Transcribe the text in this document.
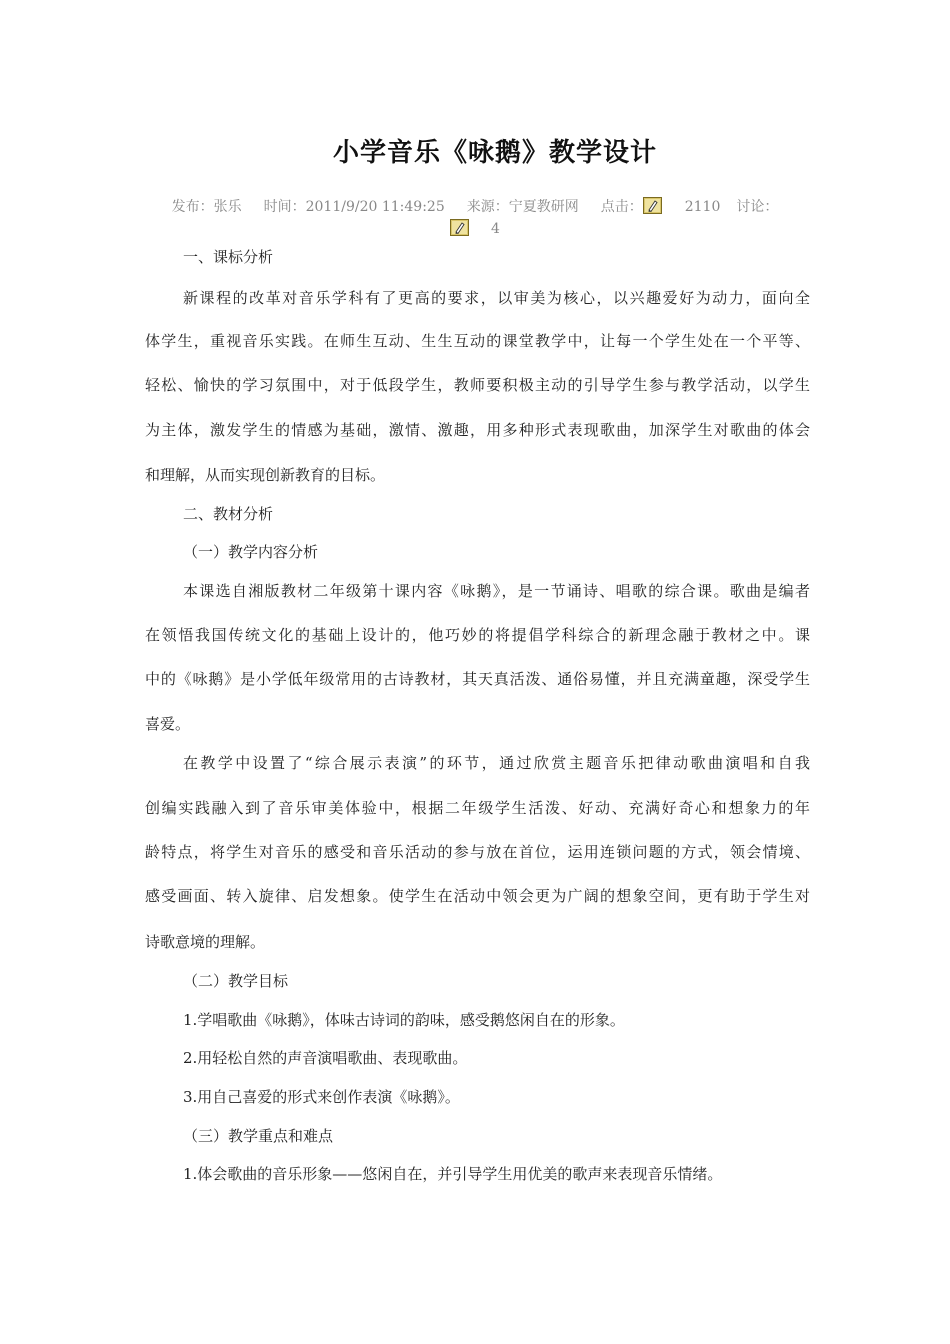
小学音乐《咏鹅》教学设计
发布：张乐 时间：2011/9/20 11:49:25 来源：宁夏教研网 点击：	2110 讨论：
4
一、课标分析
新课程的改革对音乐学科有了更高的要求，以审美为核心，以兴趣爱好为动力，面向全
体学生，重视音乐实践。在师生互动、生生互动的课堂教学中，让每一个学生处在一个平等、
轻松、愉快的学习氛围中，对于低段学生，教师要积极主动的引导学生参与教学活动，以学生
为主体，激发学生的情感为基础，激情、激趣，用多种形式表现歌曲，加深学生对歌曲的体会
和理解，从而实现创新教育的目标。
二、教材分析
（一）教学内容分析
本课选自湘版教材二年级第十课内容《咏鹅》，是一节诵诗、唱歌的综合课。歌曲是编者
在领悟我国传统文化的基础上设计的，他巧妙的将提倡学科综合的新理念融于教材之中。课
中的《咏鹅》是小学低年级常用的古诗教材，其天真活泼、通俗易懂，并且充满童趣，深受学生
喜爱。
在教学中设置了“综合展示表演”的环节，通过欣赏主题音乐把律动歌曲演唱和自我
创编实践融入到了音乐审美体验中，根据二年级学生活泼、好动、充满好奇心和想象力的年
龄特点，将学生对音乐的感受和音乐活动的参与放在首位，运用连锁问题的方式，领会情境、
感受画面、转入旋律、启发想象。使学生在活动中领会更为广阔的想象空间，更有助于学生对
诗歌意境的理解。
（二）教学目标
1.学唱歌曲《咏鹅》，体味古诗词的韵味，感受鹅悠闲自在的形象。
2.用轻松自然的声音演唱歌曲、表现歌曲。
3.用自己喜爱的形式来创作表演《咏鹅》。
（三）教学重点和难点
1.体会歌曲的音乐形象——悠闲自在，并引导学生用优美的歌声来表现音乐情绪。
